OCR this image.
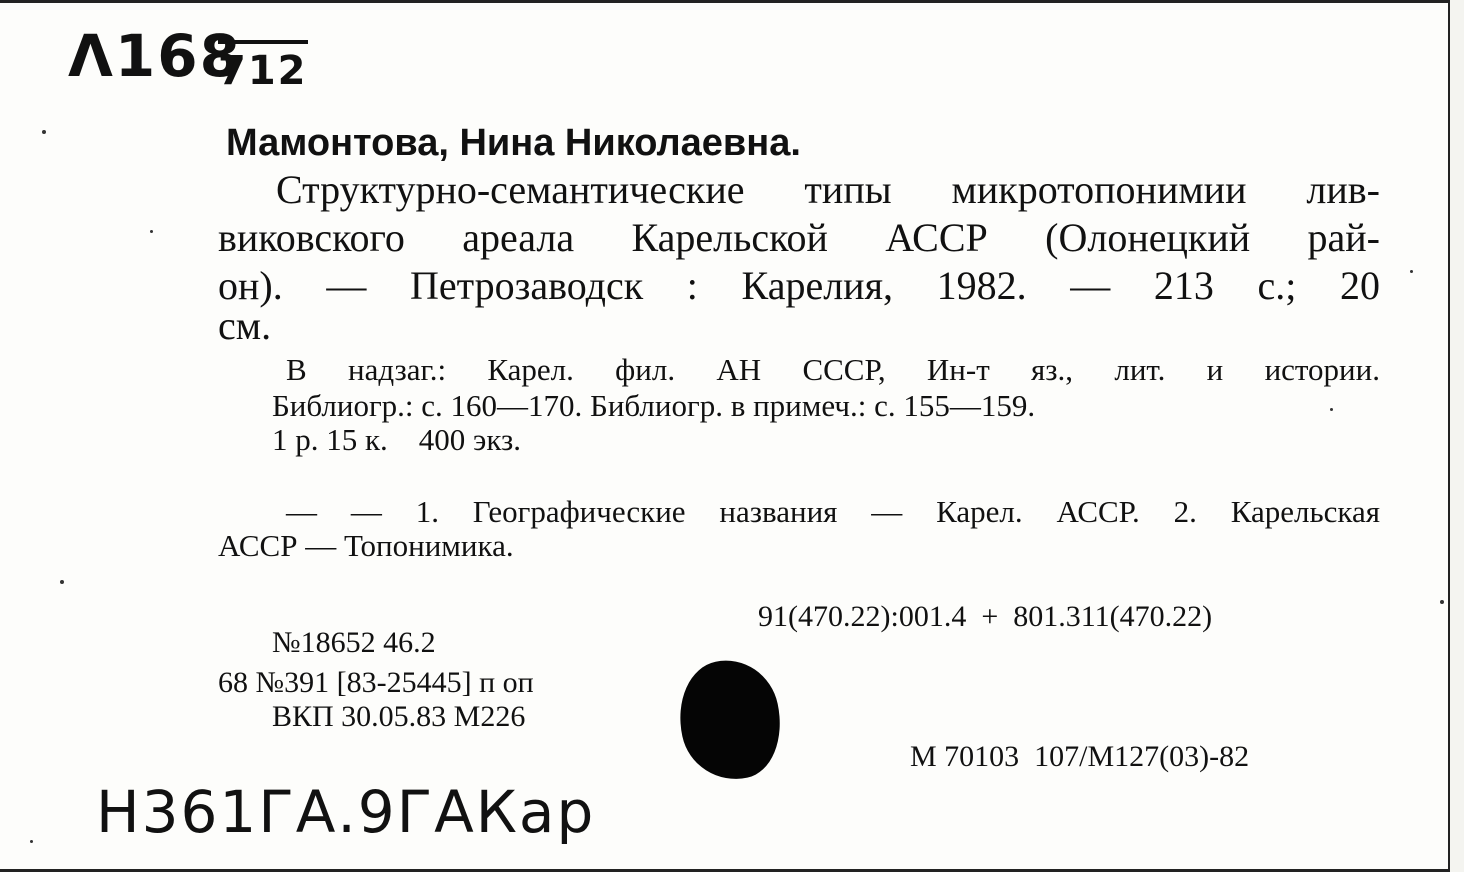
Λ168
712
Мамонтова, Нина Николаевна.
Структурно-семантические типы микротопонимии лив-
виковского ареала Карельской АССР (Олонецкий рай-
он). — Петрозаводск : Карелия, 1982. — 213 с.; 20
см.
В надзаг.: Карел. фил. АН СССР, Ин-т яз., лит. и истории.
Библиогр.: с. 160—170. Библиогр. в примеч.: с. 155—159.
1 р. 15 к.    400 экз.
— — 1. Географические названия — Карел. АССР. 2. Карельская
АССР — Топонимика.
91(470.22):001.4  +  801.311(470.22)
№18652 46.2
68 №391 [83-25445] п оп
ВКП 30.05.83 М226
М 70103  107/М127(03)-82
Н361ГА.9ГАКар
